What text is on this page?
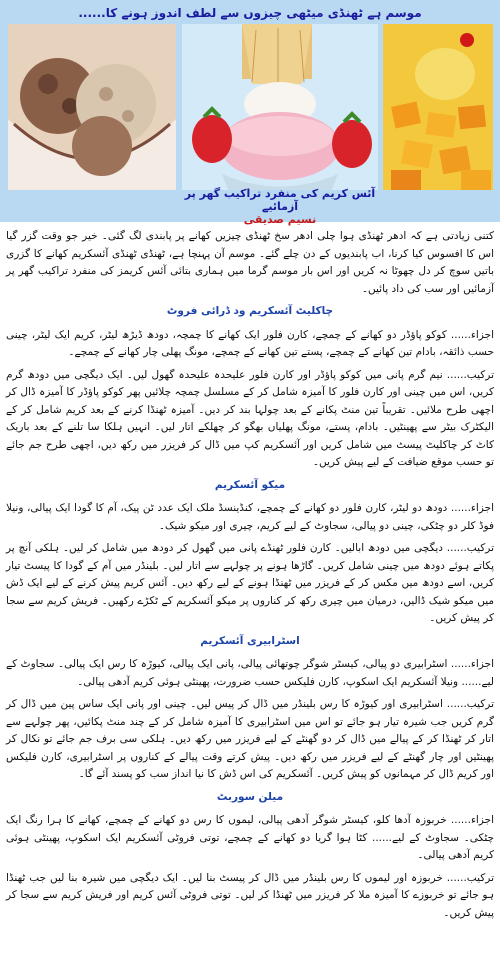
موسم ہے ٹھنڈی میٹھی چیزوں سے لطف اندوز ہونے کا......
آئس کریم کی منفرد تراکیب گھر پر آزمائیے
نسیم صدیقی

کتنی زیادتی ہے کہ ادھر ٹھنڈی ہوا چلی ادھر سخ ٹھنڈی چیزیں کھانے پر پابندی لگ گئی۔ خیر جو وقت گزر گیا اس کا افسوس کیا کرنا، اب پابندیوں کے دن چلے گئے۔ موسم آن پہنچا ہے، ٹھنڈی ٹھنڈی آئسکریم کھانے کا گزری باتیں سوچ کر دل چھوٹا نہ کریں اور اس بار موسم گرما میں ہماری بتائی آئس کریمز کی منفرد تراکیب گھر پر آزمائیں اور سب کی داد پائیں۔

چاکلیٹ آئسکریم ود ڈرائی فروٹ

اجزاء...... کوکو پاؤڈر دو کھانے کے چمچے، کارن فلور ایک کھانے کا چمچہ، دودھ ڈیڑھ لیٹر، کریم ایک لیٹر، چینی حسب ذائقہ، بادام تین کھانے کے چمچے، پستے تین کھانے کے چمچے، مونگ پھلی چار کھانے کے چمچے۔

ترکیب...... نیم گرم پانی میں کوکو پاؤڈر اور کارن فلور علیحدہ علیحدہ گھول لیں۔ ایک دیگچی میں دودھ گرم کریں، اس میں چینی اور کارن فلور کا آمیزہ شامل کر کے مسلسل چمچہ چلائیں پھر کوکو پاؤڈر کا آمیزہ ڈال کر اچھی طرح ملائیں۔ تقریباً تین منٹ پکانے کے بعد چولہا بند کر دیں۔ آمیزہ ٹھنڈا کرنے کے بعد کریم شامل کر کے الیکٹرک بیٹر سے پھینٹیں۔ بادام، پستے، مونگ پھلیاں بھگو کر چھلکے اتار لیں۔ انہیں ہلکا سا تلنے کے بعد باریک کاٹ کر چاکلیٹ پیسٹ میں شامل کریں اور آئسکریم کپ میں ڈال کر فریزر میں رکھ دیں، اچھی طرح جم جائے تو حسب موقع ضیافت کے لیے پیش کریں۔

میکو آئسکریم

اجزاء...... دودھ دو لیٹر، کارن فلور دو کھانے کے چمچے، کنڈینسڈ ملک ایک عدد ٹن پیک، آم کا گودا ایک پیالی، ونیلا فوڈ کلر دو چٹکی، چینی دو پیالی، سجاوٹ کے لیے کریم، چیری اور میکو شیک۔

ترکیب...... دیگچی میں دودھ ابالیں۔ کارن فلور ٹھنڈے پانی میں گھول کر دودھ میں شامل کر لیں۔ ہلکی آنچ پر پکاتے ہوئے دودھ میں چینی شامل کریں۔ گاڑھا ہونے پر چولہے سے اتار لیں۔ بلینڈر میں آم کے گودا کا پیسٹ تیار کریں، اسے دودھ میں مکس کر کے فریزر میں ٹھنڈا ہونے کے لیے رکھ دیں۔ آئس کریم پیش کرنے کے لیے ایک ڈش میں میکو شیک ڈالیں، درمیان میں چیری رکھ کر کناروں پر میکو آئسکریم کے ٹکڑے رکھیں۔ فریش کریم سے سجا کر پیش کریں۔

اسٹرابیری آئسکریم

اجزاء...... اسٹرابیری دو پیالی، کیسٹر شوگر چوتھائی پیالی، پانی ایک پیالی، کیوڑہ کا رس ایک پیالی۔ سجاوٹ کے لیے...... ونیلا آئسکریم ایک اسکوپ، کارن فلیکس حسب ضرورت، پھینٹی ہوئی کریم آدھی پیالی۔

ترکیب...... اسٹرابیری اور کیوڑہ کا رس بلینڈر میں ڈال کر پیس لیں۔ چینی اور پانی ایک ساس پین میں ڈال کر گرم کریں جب شیرہ تیار ہو جائے تو اس میں اسٹرابیری کا آمیزہ شامل کر کے چند منٹ پکائیں، پھر چولہے سے اتار کر ٹھنڈا کر کے پیالے میں ڈال کر دو گھنٹے کے لیے فریزر میں رکھ دیں۔ ہلکی سی برف جم جائے تو نکال کر پھینٹیں اور چار گھنٹے کے لیے فریزر میں رکھ دیں۔ پیش کرتے وقت پیالے کے کناروں پر اسٹرابیری، کارن فلیکس اور کریم ڈال کر مہمانوں کو پیش کریں۔ آئسکریم کی اس ڈش کا نیا انداز سب کو پسند آئے گا۔

میلن سوربٹ

اجزاء...... خربوزہ آدھا کلو، کیسٹر شوگر آدھی پیالی، لیموں کا رس دو کھانے کے چمچے، کھانے کا ہرا رنگ ایک چٹکی۔ سجاوٹ کے لیے...... کٹا ہوا گریا دو کھانے کے چمچے، توتی فروٹی آئسکریم ایک اسکوپ، پھینٹی ہوئی کریم آدھی پیالی۔

ترکیب...... خربوزہ اور لیموں کا رس بلینڈر میں ڈال کر پیسٹ بنا لیں۔ ایک دیگچی میں شیرہ بنا لیں جب ٹھنڈا ہو جائے تو خربوزے کا آمیزہ ملا کر فریزر میں ٹھنڈا کر لیں۔ توتی فروٹی آئس کریم اور فریش کریم سے سجا کر پیش کریں۔
